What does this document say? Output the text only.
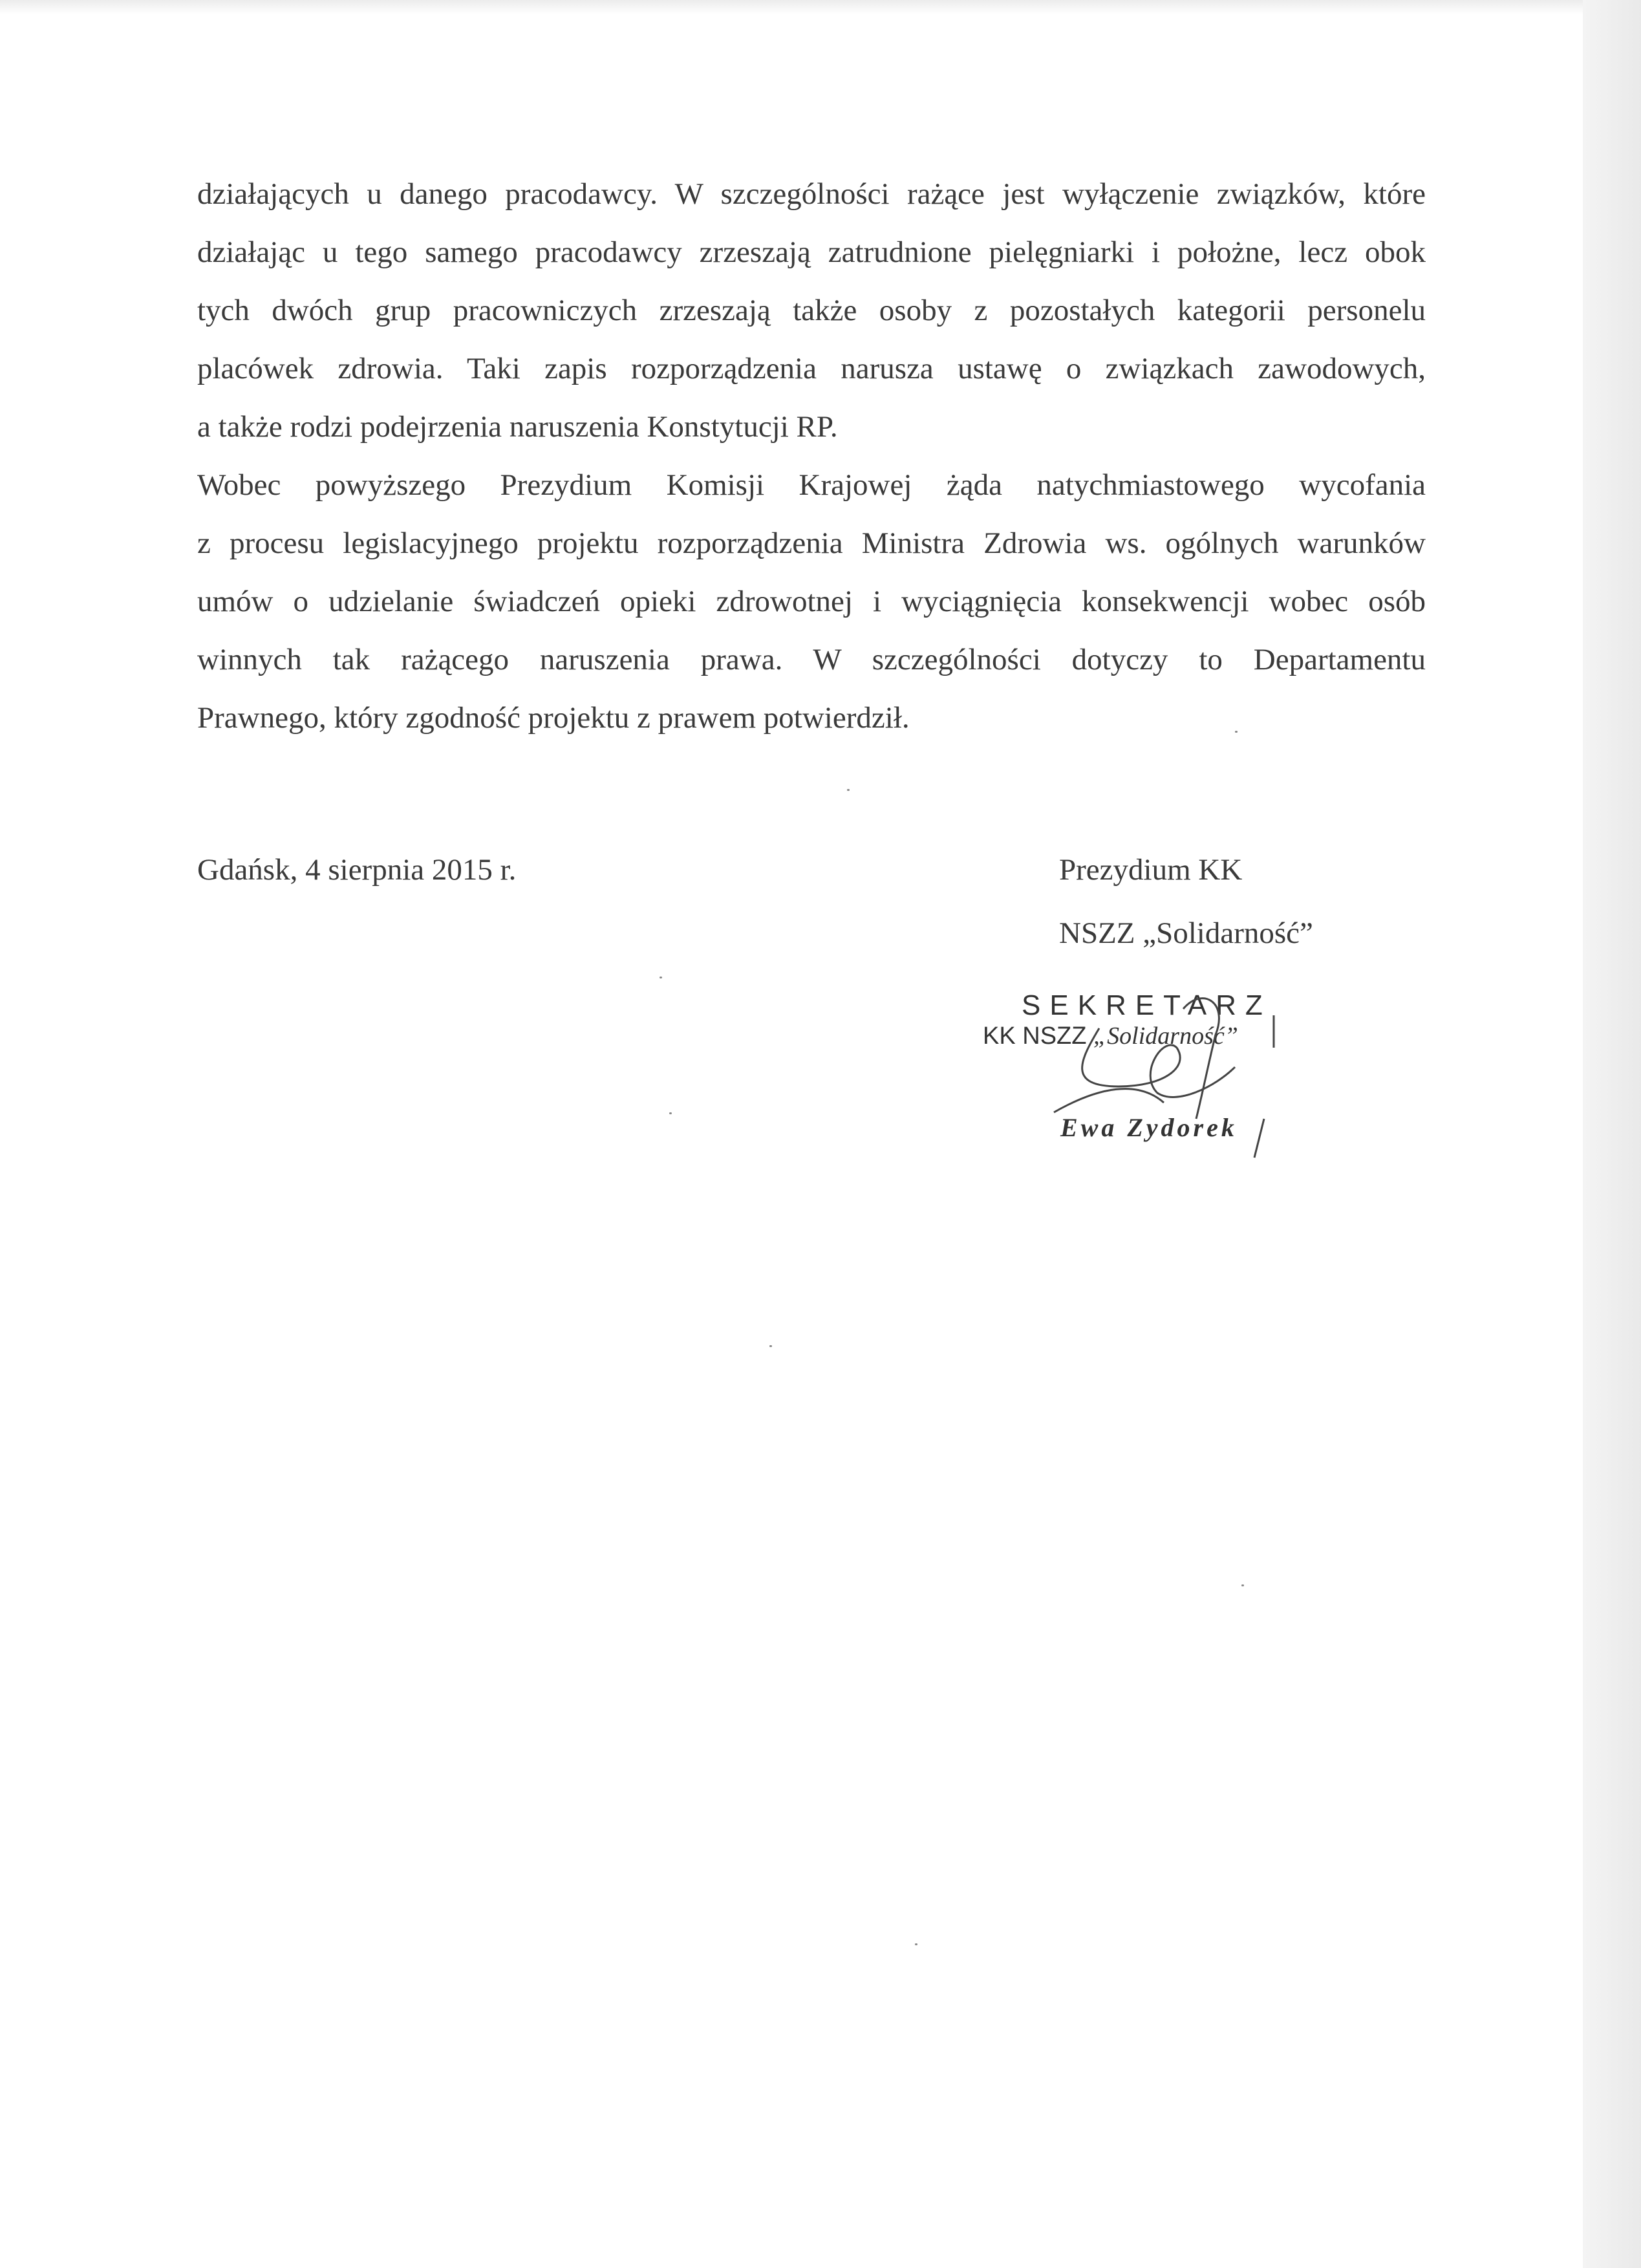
działających u danego pracodawcy. W szczególności rażące jest wyłączenie związków, które
działając u tego samego pracodawcy zrzeszają zatrudnione pielęgniarki i położne, lecz obok
tych dwóch grup pracowniczych zrzeszają także osoby z pozostałych kategorii personelu
placówek zdrowia. Taki zapis rozporządzenia narusza ustawę o związkach zawodowych,
a także rodzi podejrzenia naruszenia Konstytucji RP.
Wobec powyższego Prezydium Komisji Krajowej żąda natychmiastowego wycofania
z procesu legislacyjnego projektu rozporządzenia Ministra Zdrowia ws. ogólnych warunków
umów o udzielanie świadczeń opieki zdrowotnej i wyciągnięcia konsekwencji wobec osób
winnych tak rażącego naruszenia prawa. W szczególności dotyczy to Departamentu
Prawnego, który zgodność projektu z prawem potwierdził.
Gdańsk, 4 sierpnia 2015 r.	Prezydium KK
NSZZ „Solidarność”
SEKRETARZ
KK NSZZ „Solidarność”
Ewa Zydorek
